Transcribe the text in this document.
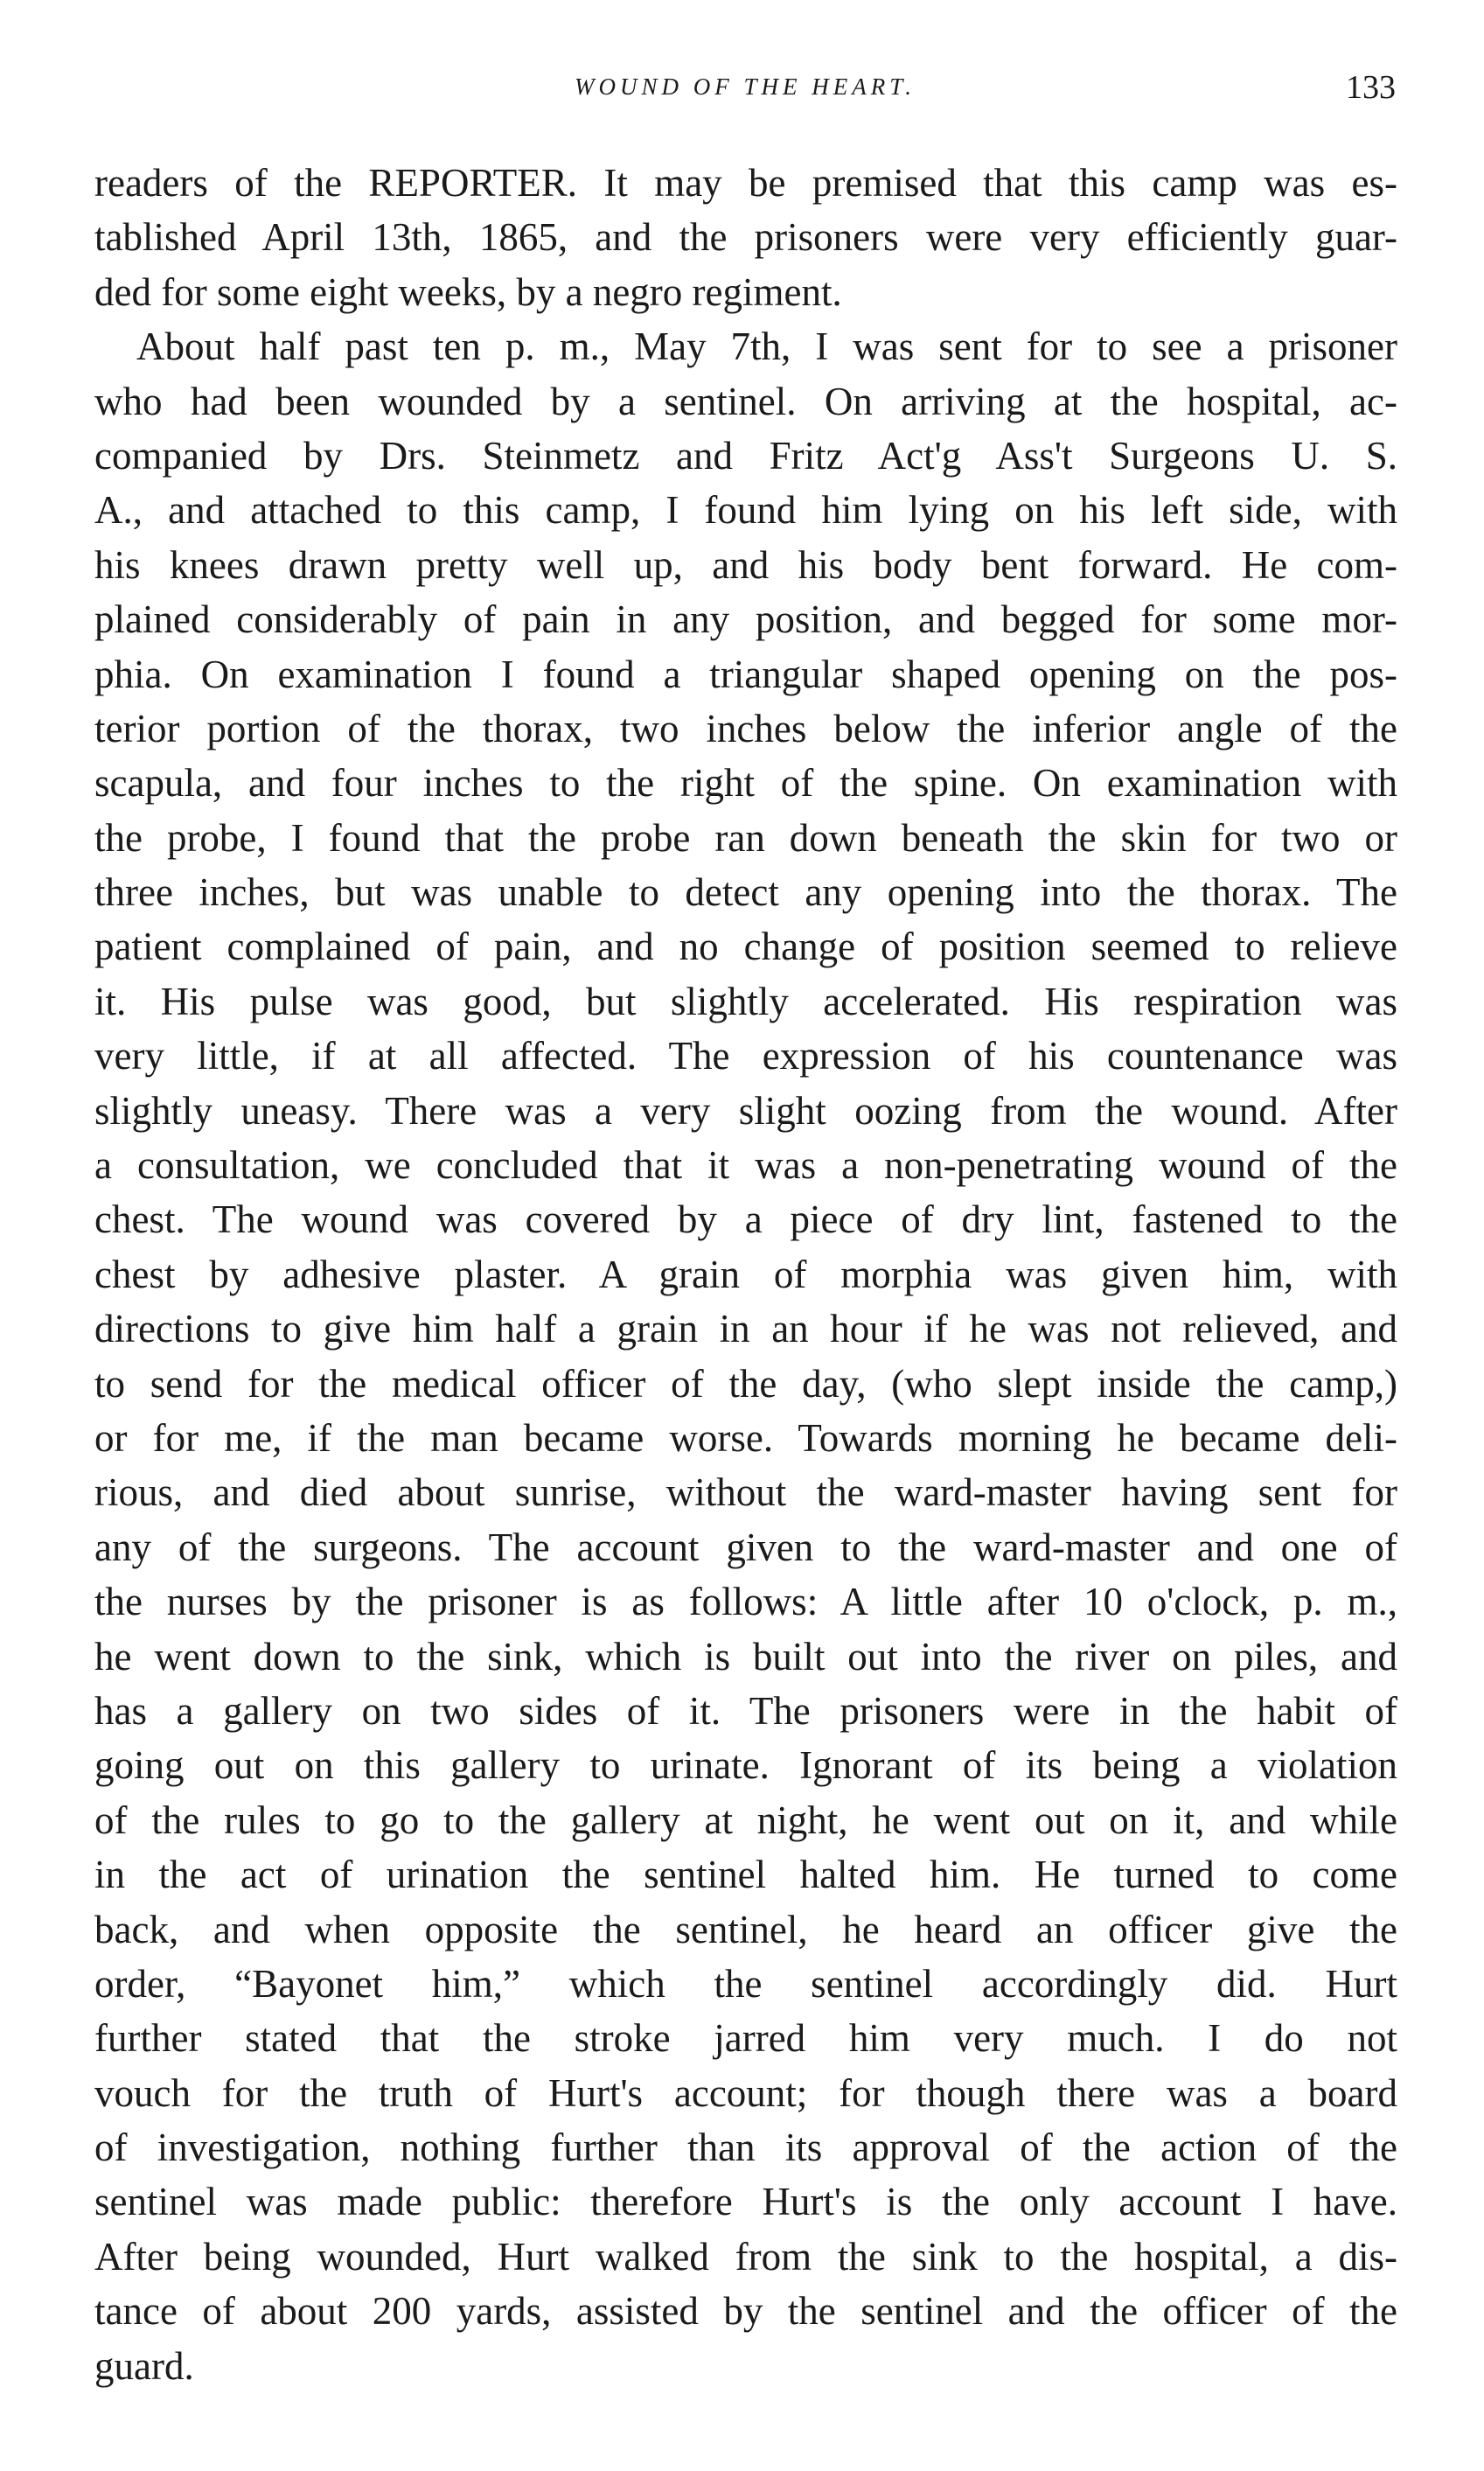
WOUND OF THE HEART.	133
readers of the REPORTER. It may be premised that this camp was es-
tablished April 13th, 1865, and the prisoners were very efficiently guar-
ded for some eight weeks, by a negro regiment.
About half past ten p. m., May 7th, I was sent for to see a prisoner
who had been wounded by a sentinel. On arriving at the hospital, ac-
companied by Drs. Steinmetz and Fritz Act'g Ass't Surgeons U. S.
A., and attached to this camp, I found him lying on his left side, with
his knees drawn pretty well up, and his body bent forward. He com-
plained considerably of pain in any position, and begged for some mor-
phia. On examination I found a triangular shaped opening on the pos-
terior portion of the thorax, two inches below the inferior angle of the
scapula, and four inches to the right of the spine. On examination with
the probe, I found that the probe ran down beneath the skin for two or
three inches, but was unable to detect any opening into the thorax. The
patient complained of pain, and no change of position seemed to relieve
it. His pulse was good, but slightly accelerated. His respiration was
very little, if at all affected. The expression of his countenance was
slightly uneasy. There was a very slight oozing from the wound. After
a consultation, we concluded that it was a non-penetrating wound of the
chest. The wound was covered by a piece of dry lint, fastened to the
chest by adhesive plaster. A grain of morphia was given him, with
directions to give him half a grain in an hour if he was not relieved, and
to send for the medical officer of the day, (who slept inside the camp,)
or for me, if the man became worse. Towards morning he became deli-
rious, and died about sunrise, without the ward-master having sent for
any of the surgeons. The account given to the ward-master and one of
the nurses by the prisoner is as follows: A little after 10 o'clock, p. m.,
he went down to the sink, which is built out into the river on piles, and
has a gallery on two sides of it. The prisoners were in the habit of
going out on this gallery to urinate. Ignorant of its being a violation
of the rules to go to the gallery at night, he went out on it, and while
in the act of urination the sentinel halted him. He turned to come
back, and when opposite the sentinel, he heard an officer give the
order, “Bayonet him,” which the sentinel accordingly did. Hurt
further stated that the stroke jarred him very much. I do not
vouch for the truth of Hurt's account; for though there was a board
of investigation, nothing further than its approval of the action of the
sentinel was made public: therefore Hurt's is the only account I have.
After being wounded, Hurt walked from the sink to the hospital, a dis-
tance of about 200 yards, assisted by the sentinel and the officer of the
guard.
